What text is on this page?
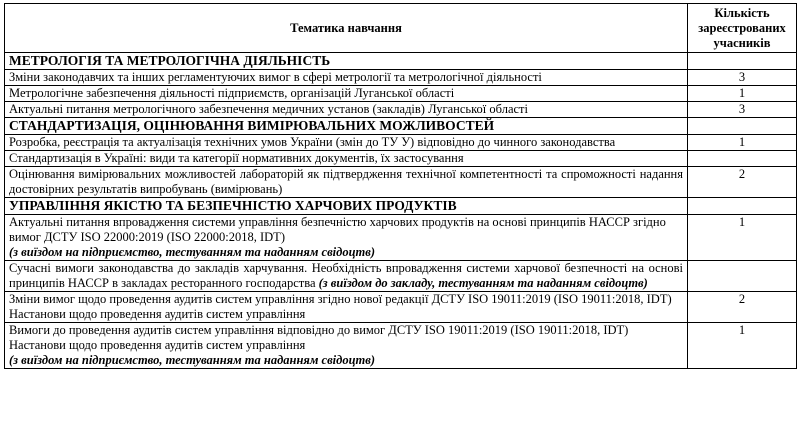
Тематика навчання	Кількість зареєстрованих учасників
МЕТРОЛОГІЯ ТА МЕТРОЛОГІЧНА ДІЯЛЬНІСТЬ	
Зміни законодавчих та інших регламентуючих вимог в сфері метрології та метрологічної діяльності	3
Метрологічне забезпечення діяльності підприємств, організацій Луганської області	1
Актуальні питання метрологічного забезпечення медичних установ (закладів) Луганської області	3
СТАНДАРТИЗАЦІЯ, ОЦІНЮВАННЯ ВИМІРЮВАЛЬНИХ МОЖЛИВОСТЕЙ	
Розробка, реєстрація та актуалізація технічних умов України (змін до ТУ У) відповідно до чинного законодавства	1
Стандартизація в Україні: види та категорії нормативних документів, їх застосування	
Оцінювання вимірювальних можливостей лабораторій як підтвердження технічної компетентності та спроможності надання достовірних результатів випробувань (вимірювань)	2
УПРАВЛІННЯ ЯКІСТЮ ТА БЕЗПЕЧНІСТЮ ХАРЧОВИХ ПРОДУКТІВ	
Актуальні питання впровадження системи управління безпечністю харчових продуктів на основі принципів НАССР згідно вимог ДСТУ ISO 22000:2019 (ISO 22000:2018, IDT)
(з виїздом на підприємство, тестуванням та наданням свідоцтв)	1
Сучасні вимоги законодавства до закладів харчування. Необхідність впровадження системи харчової безпечності на основі принципів НАССР в закладах ресторанного господарства (з виїздом до закладу, тестуванням та наданням свідоцтв)	
Зміни вимог щодо проведення аудитів систем управління згідно нової редакції ДСТУ ISO 19011:2019 (ISO 19011:2018, IDT) Настанови щодо проведення аудитів систем управління	2
Вимоги до проведення аудитів систем управління відповідно до вимог ДСТУ ISO 19011:2019 (ISO 19011:2018, IDT) Настанови щодо проведення аудитів систем управління
(з виїздом на підприємство, тестуванням та наданням свідоцтв)	1
